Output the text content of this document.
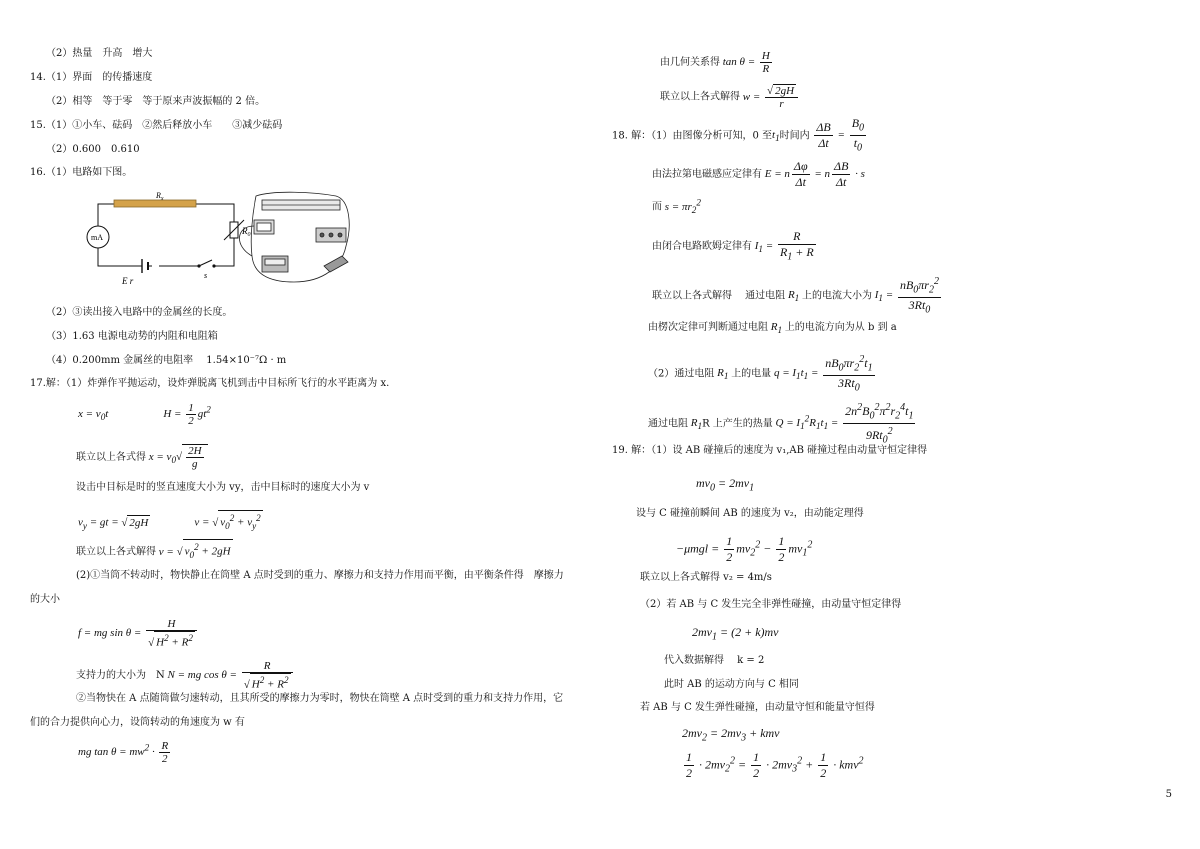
（2）热量　升高　增大
14.（1）界面　的传播速度
（2）相等　等于零　等于原来声波振幅的 2 倍。
15.（1）①小车、砝码　②然后释放小车　　③减少砝码
（2）0.600　0.610
16.（1）电路如下图。
$R_x$
mA
$R_0$
E r
s
（2）③读出接入电路中的金属丝的长度。
（3）1.63 电源电动势的内阻和电阻箱
（4）0.200mm 金属丝的电阻率　 1.54×10⁻⁷Ω · m
17.解：（1）炸弹作平抛运动，设炸弹脱离飞机到击中目标所飞行的水平距离为 x.
$x = v_0t$　　　　　$H = \frac{1}{2} gt^2$
联立以上各式得 $x = v_0√ \frac{2H}{g}$
设击中目标是时的竖直速度大小为 vy，击中目标时的速度大小为 v
$v_y$ = gt = √ 2gH　　　　v = √ $v_0^2 + v_y^2$
联立以上各式解得 v = √ $v_0^2 + 2gH$
(2)①当筒不转动时，物快静止在筒壁 A 点时受到的重力、摩擦力和支持力作用而平衡，由平衡条件得　摩擦力
的大小
f = mg $\sin \theta = \frac{H}{√ H^2 + R^2}$
支持力的大小为　N N = mg $\cos \theta = \frac{R}{√ H^2 + R^2}$
②当物快在 A 点随筒做匀速转动，且其所受的摩擦力为零时，物快在筒壁 A 点时受到的重力和支持力作用，它
们的合力提供向心力，设筒转动的角速度为 w 有
mg $\tan \theta = mw^2 \cdot \frac{R}{2}$
由几何关系得 $\tan \theta = \frac{H}{R}$
联立以上各式解得 $w = \frac{√ 2gH}{r}$
18. 解：（1）由图像分析可知，0 至$t_1$时间内 $\frac{\Delta B}{\Delta t} = \frac{B_0}{t_0}$
由法拉第电磁感应定律有 E = n $\frac{\Delta\varphi}{\Delta t} = n \frac{\Delta B}{\Delta t} \cdot s$
而 $s = \pi r_2^2$
由闭合电路欧姆定律有 $I_1 = \frac{R}{R_1 + R}$
联立以上各式解得　 通过电阻 $R_1$ 上的电流大小为 $I_1 = \frac{nB_0\pi r_2^2}{3Rt_0}$
由楞次定律可判断通过电阻 $R_1$ 上的电流方向为从 b 到 a
（2）通过电阻 $R_1$ 上的电量 $q = I_1t_1 = \frac{nB_0\pi r_2^2t_1}{3Rt_0}$
通过电阻 $R_1R$ 上产生的热量 $Q = I_1^2R_1t_1 = \frac{2n^2B_0^2\pi^2r_2^4t_1}{9Rt_0^2}$
19. 解：（1）设 AB 碰撞后的速度为 v₁,AB 碰撞过程由动量守恒定律得
$mv_0 = 2mv_1$
设与 C 碰撞前瞬间 AB 的速度为 v₂，由动能定理得
$-\mu mgl = \frac{1}{2} mv_2^2 - \frac{1}{2} mv_1^2$
联立以上各式解得 v₂ = 4m/s
（2）若 AB 与 C 发生完全非弹性碰撞，由动量守恒定律得
$2mv_1 = (2 + k)mv$
代入数据解得　 k = 2
此时 AB 的运动方向与 C 相同
若 AB 与 C 发生弹性碰撞，由动量守恒和能量守恒得
$2mv_2 = 2mv_3$ + kmv
$\frac{1}{2} \cdot 2mv_2^2 = \frac{1}{2} \cdot 2mv_3^2 + \frac{1}{2} \cdot kmv^2$
5
